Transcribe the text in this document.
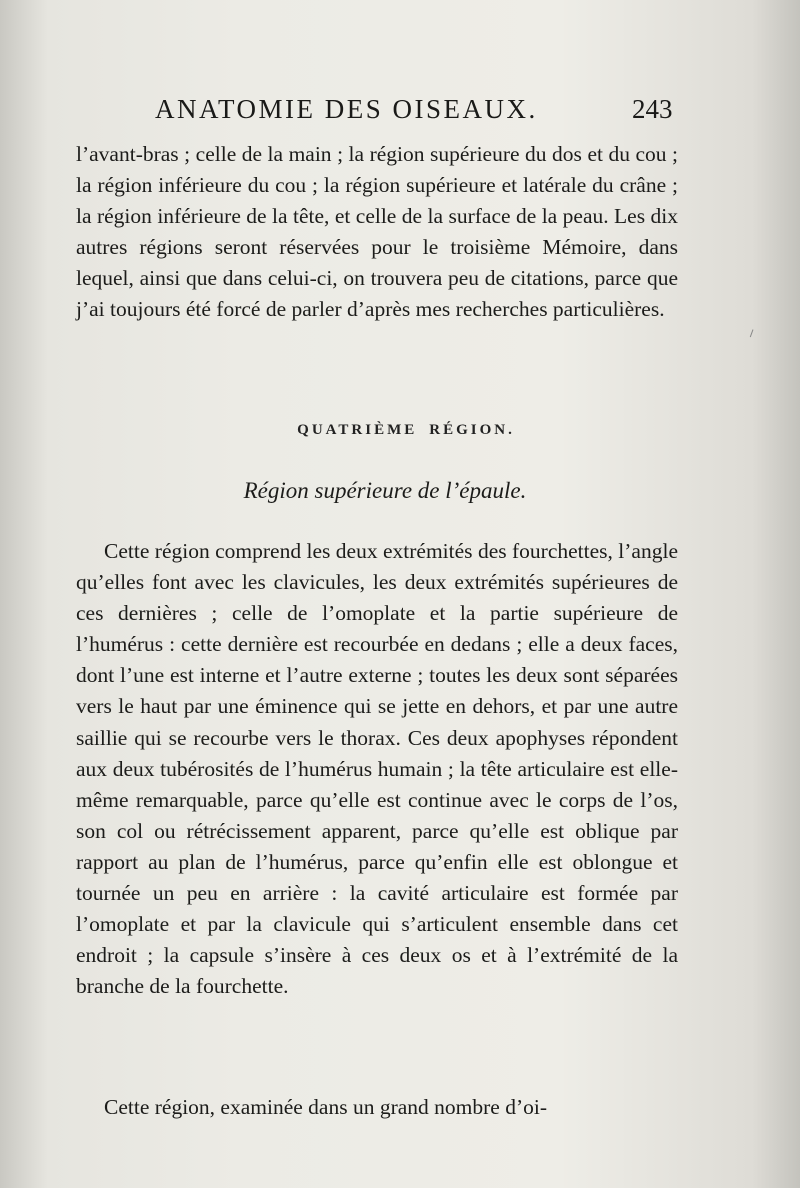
ANATOMIE DES OISEAUX.	243

l’avant-bras ; celle de la main ; la région supérieure du dos et du cou ; la région inférieure du cou ; la région supérieure et latérale du crâne ; la région inférieure de la tête, et celle de la surface de la peau. Les dix autres régions seront réservées pour le troisième Mémoire, dans lequel, ainsi que dans celui-ci, on trouvera peu de citations, parce que j’ai toujours été forcé de parler d’après mes recherches particulières.

QUATRIÈME RÉGION.
Région supérieure de l’épaule.

Cette région comprend les deux extrémités des fourchettes, l’angle qu’elles font avec les clavicules, les deux extrémités supérieures de ces dernières ; celle de l’omoplate et la partie supérieure de l’humérus : cette dernière est recourbée en dedans ; elle a deux faces, dont l’une est interne et l’autre externe ; toutes les deux sont séparées vers le haut par une éminence qui se jette en dehors, et par une autre saillie qui se recourbe vers le thorax. Ces deux apophyses répondent aux deux tubérosités de l’humérus humain ; la tête articulaire est elle-même remarquable, parce qu’elle est continue avec le corps de l’os, son col ou rétrécissement apparent, parce qu’elle est oblique par rapport au plan de l’humérus, parce qu’enfin elle est oblongue et tournée un peu en arrière : la cavité articulaire est formée par l’omoplate et par la clavicule qui s’articulent ensemble dans cet endroit ; la capsule s’insère à ces deux os et à l’extrémité de la branche de la fourchette.

Cette région, examinée dans un grand nombre d’oi-
